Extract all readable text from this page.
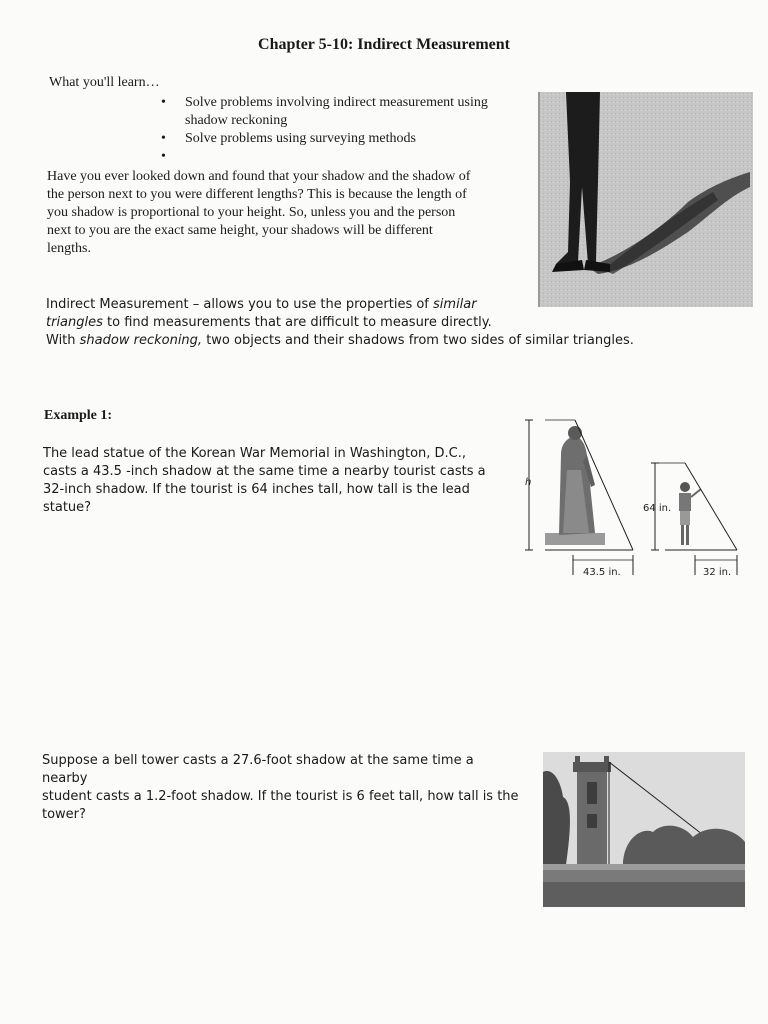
Chapter 5-10: Indirect Measurement
What you'll learn…
• Solve problems involving indirect measurement using
shadow reckoning
• Solve problems using surveying methods
•
Have you ever looked down and found that your shadow and the shadow of
the person next to you were different lengths? This is because the length of
you shadow is proportional to your height. So, unless you and the person
next to you are the exact same height, your shadows will be different
lengths.
Indirect Measurement – allows you to use the properties of similar
triangles to find measurements that are difficult to measure directly.
With shadow reckoning, two objects and their shadows from two sides of similar triangles.
Example 1:
The lead statue of the Korean War Memorial in Washington, D.C.,
casts a 43.5 -inch shadow at the same time a nearby tourist casts a
32-inch shadow. If the tourist is 64 inches tall, how tall is the lead
statue?
h
43.5 in.
64 in.
32 in.
Suppose a bell tower casts a 27.6-foot shadow at the same time a nearby
student casts a 1.2-foot shadow. If the tourist is 6 feet tall, how tall is the
tower?
